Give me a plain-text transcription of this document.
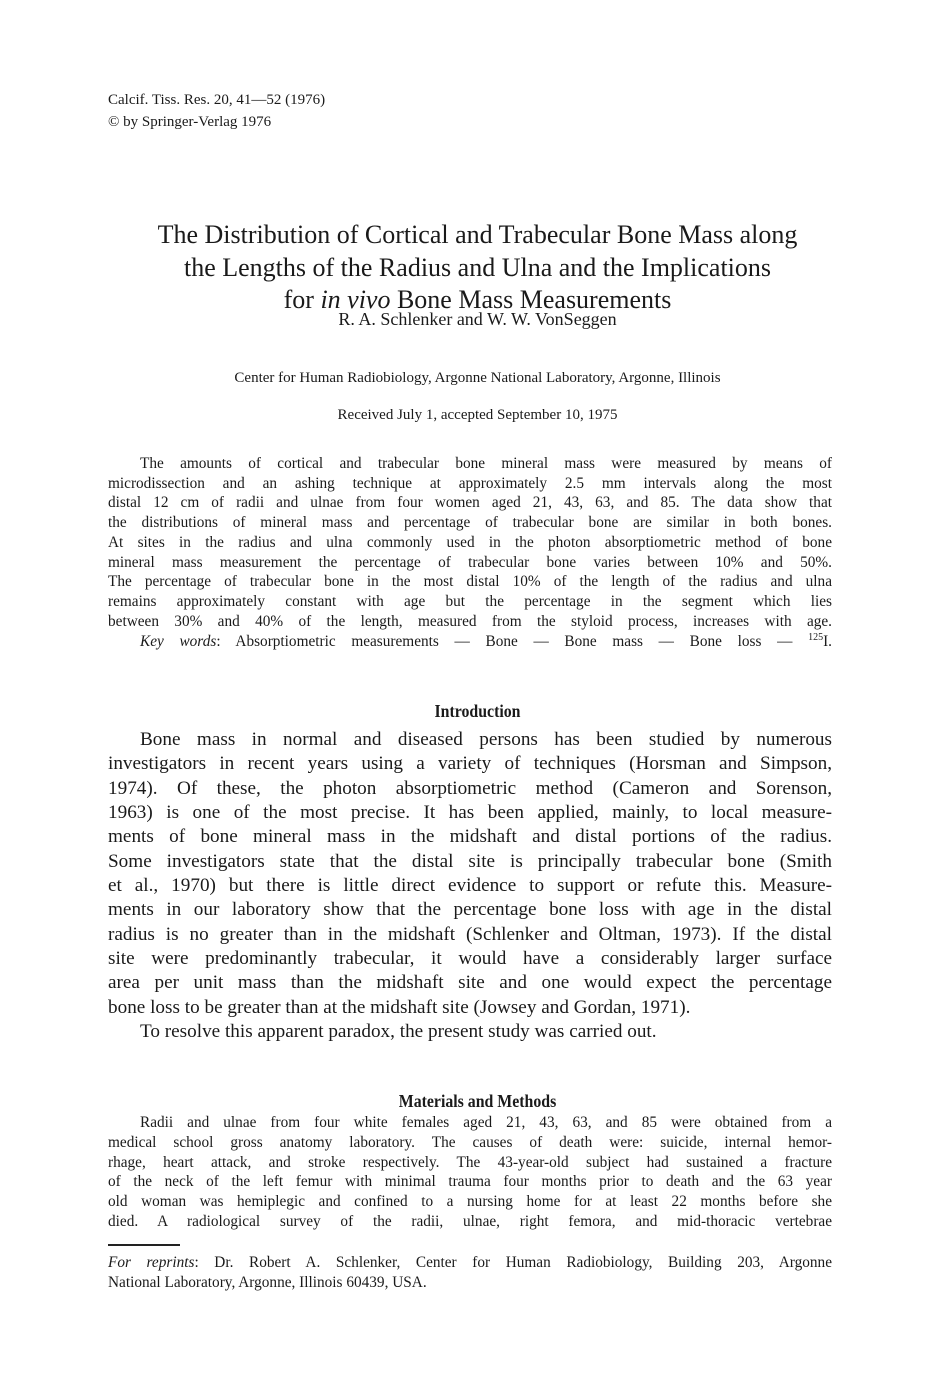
Calcif. Tiss. Res. 20, 41—52 (1976)
© by Springer-Verlag 1976
The Distribution of Cortical and Trabecular Bone Mass along
the Lengths of the Radius and Ulna and the Implications
for in vivo Bone Mass Measurements
R. A. Schlenker and W. W. VonSeggen
Center for Human Radiobiology, Argonne National Laboratory, Argonne, Illinois
Received July 1, accepted September 10, 1975
The amounts of cortical and trabecular bone mineral mass were measured by means of
microdissection and an ashing technique at approximately 2.5 mm intervals along the most
distal 12 cm of radii and ulnae from four women aged 21, 43, 63, and 85. The data show that
the distributions of mineral mass and percentage of trabecular bone are similar in both bones.
At sites in the radius and ulna commonly used in the photon absorptiometric method of bone
mineral mass measurement the percentage of trabecular bone varies between 10% and 50%.
The percentage of trabecular bone in the most distal 10% of the length of the radius and ulna
remains approximately constant with age but the percentage in the segment which lies
between 30% and 40% of the length, measured from the styloid process, increases with age.
Key words: Absorptiometric measurements — Bone — Bone mass — Bone loss — $^{125}$I.
Introduction
Bone mass in normal and diseased persons has been studied by numerous
investigators in recent years using a variety of techniques (Horsman and Simpson,
1974). Of these, the photon absorptiometric method (Cameron and Sorenson,
1963) is one of the most precise. It has been applied, mainly, to local measure-
ments of bone mineral mass in the midshaft and distal portions of the radius.
Some investigators state that the distal site is principally trabecular bone (Smith
et al., 1970) but there is little direct evidence to support or refute this. Measure-
ments in our laboratory show that the percentage bone loss with age in the distal
radius is no greater than in the midshaft (Schlenker and Oltman, 1973). If the distal
site were predominantly trabecular, it would have a considerably larger surface
area per unit mass than the midshaft site and one would expect the percentage
bone loss to be greater than at the midshaft site (Jowsey and Gordan, 1971).
To resolve this apparent paradox, the present study was carried out.
Materials and Methods
Radii and ulnae from four white females aged 21, 43, 63, and 85 were obtained from a
medical school gross anatomy laboratory. The causes of death were: suicide, internal hemor-
rhage, heart attack, and stroke respectively. The 43-year-old subject had sustained a fracture
of the neck of the left femur with minimal trauma four months prior to death and the 63 year
old woman was hemiplegic and confined to a nursing home for at least 22 months before she
died. A radiological survey of the radii, ulnae, right femora, and mid-thoracic vertebrae
For reprints: Dr. Robert A. Schlenker, Center for Human Radiobiology, Building 203, Argonne
National Laboratory, Argonne, Illinois 60439, USA.
